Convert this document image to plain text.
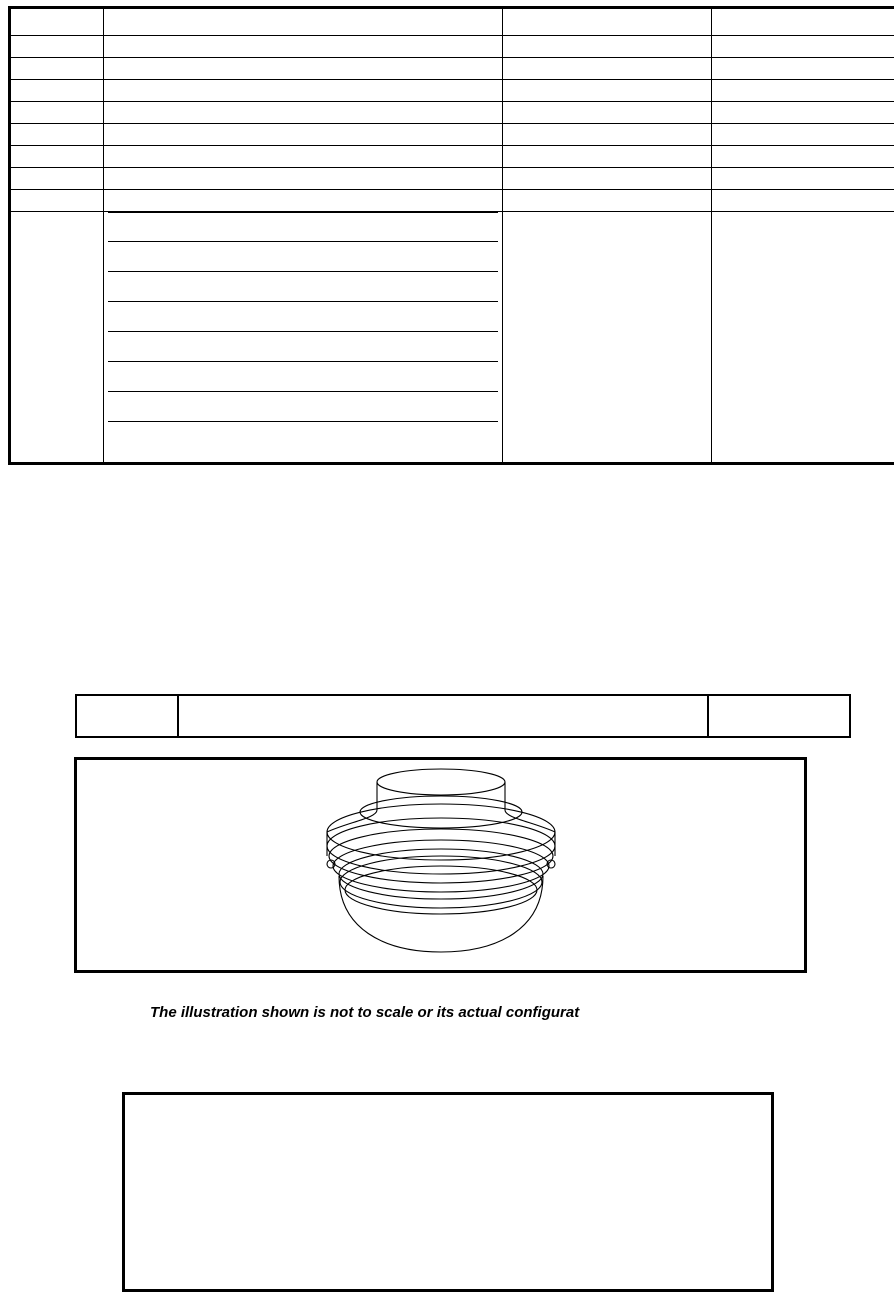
The illustration shown is not to scale or its actual configurat
